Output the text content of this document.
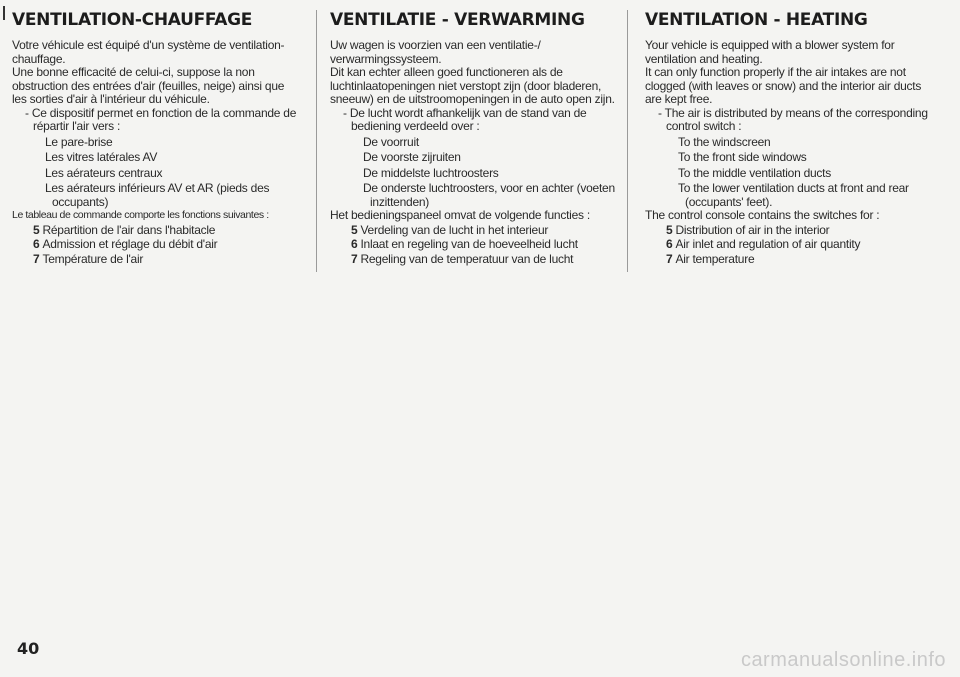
VENTILATION-CHAUFFAGE

Votre véhicule est équipé d'un système de ventilation-

chauffage.

Une bonne efficacité de celui-ci, suppose la non

obstruction des entrées d'air (feuilles, neige) ainsi que

les sorties d'air à l'intérieur du véhicule.

- Ce dispositif permet en fonction de la commande de

répartir l'air vers :

Le pare-brise

Les vitres latérales AV

Les aérateurs centraux

Les aérateurs inférieurs AV et AR (pieds des

occupants)

Le tableau de commande comporte les fonctions suivantes :

5 Répartition de l'air dans l'habitacle

6 Admission et réglage du débit d'air

7 Température de l'air

VENTILATIE - VERWARMING

Uw wagen is voorzien van een ventilatie-/

verwarmingssysteem.

Dit kan echter alleen goed functioneren als de

luchtinlaatopeningen niet verstopt zijn (door bladeren,

sneeuw) en de uitstroomopeningen in de auto open zijn.

- De lucht wordt afhankelijk van de stand van de

bediening verdeeld over :

De voorruit

De voorste zijruiten

De middelste luchtroosters

De onderste luchtroosters, voor en achter (voeten

inzittenden)

Het bedieningspaneel omvat de volgende functies :

5 Verdeling van de lucht in het interieur

6 Inlaat en regeling van de hoeveelheid lucht

7 Regeling van de temperatuur van de lucht

VENTILATION - HEATING

Your vehicle is equipped with a blower system for

ventilation and heating.

It can only function properly if the air intakes are not

clogged (with leaves or snow) and the interior air ducts

are kept free.

- The air is distributed by means of the corresponding

control switch :

To the windscreen

To the front side windows

To the middle ventilation ducts

To the lower ventilation ducts at front and rear

(occupants' feet).

The control console contains the switches for :

5 Distribution of air in the interior

6 Air inlet and regulation of air quantity

7 Air temperature

40
carmanualsonline.info
